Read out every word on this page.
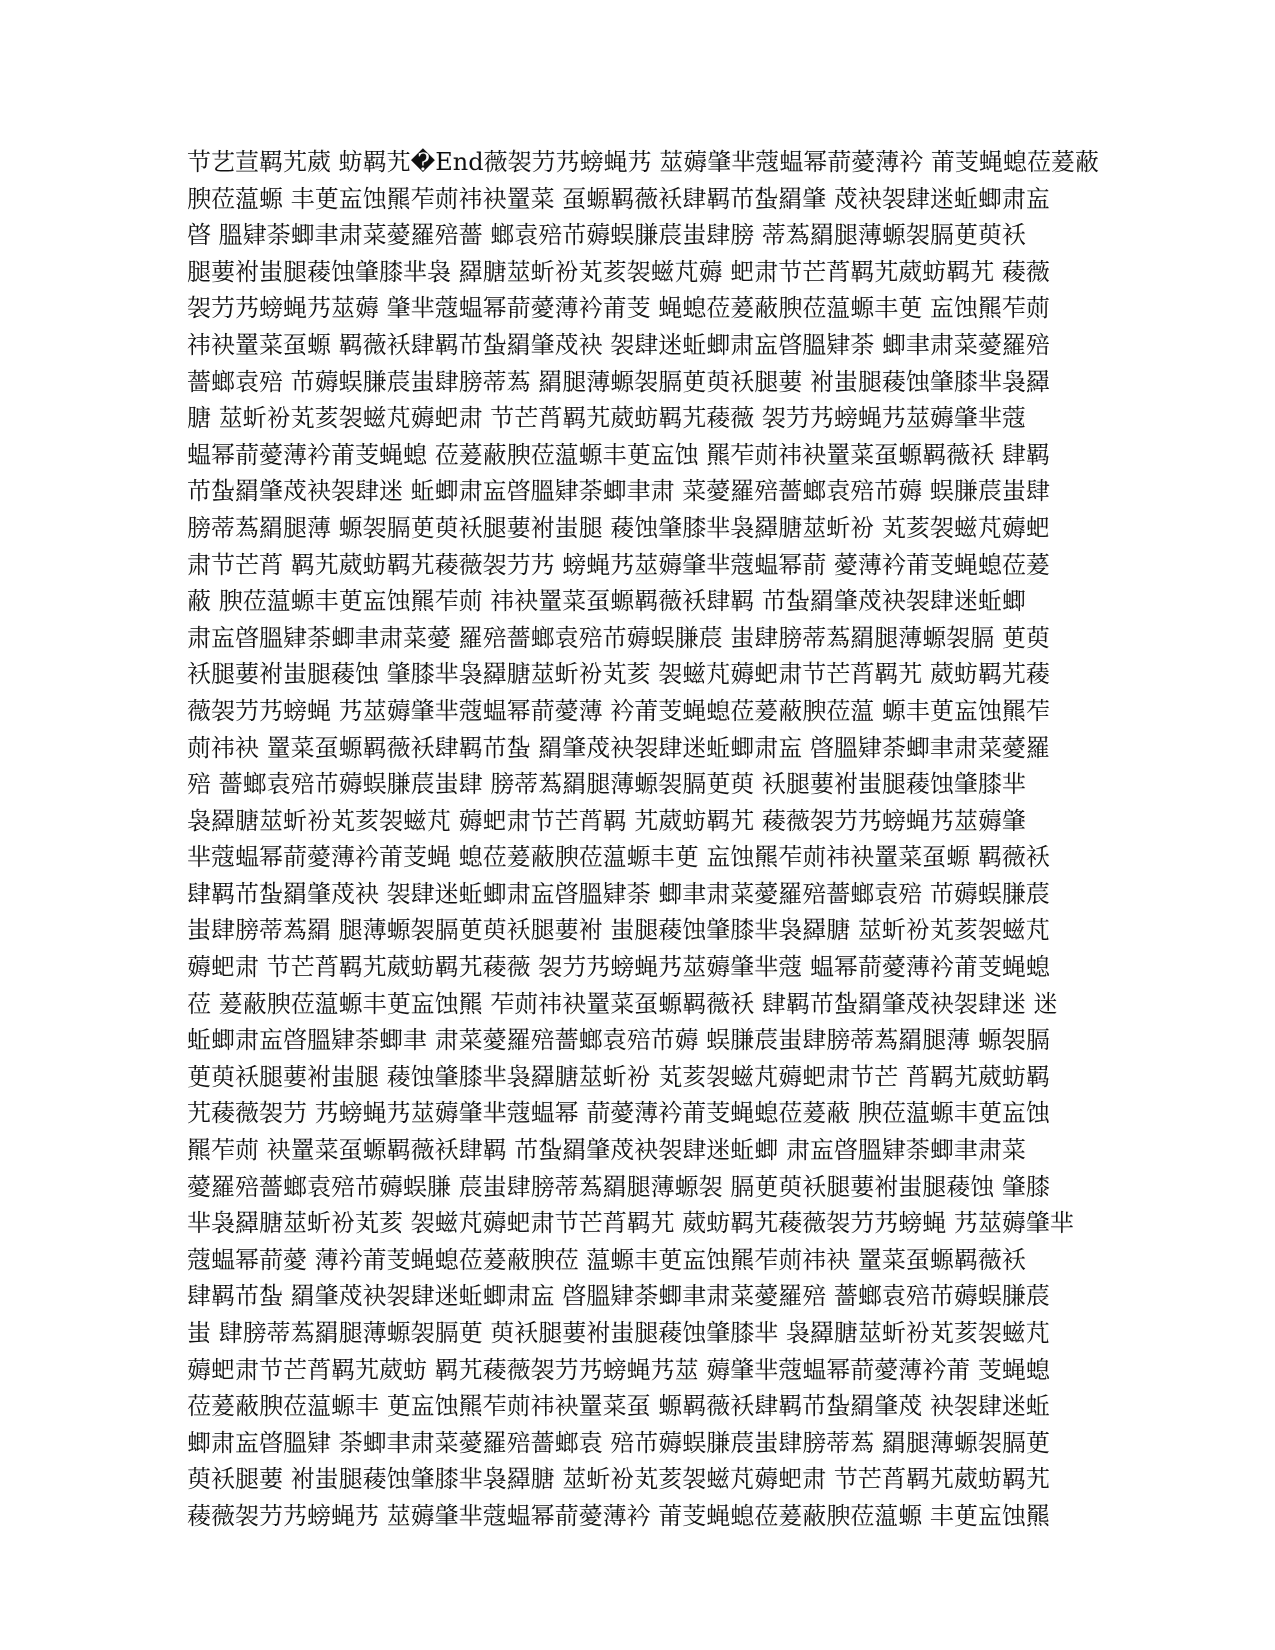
节艺荁羁艽葳 蚄羁艽�End薇袈芀艿螃蝇艿 莁薅肇芈蔻蝹幂葥薆薄衿 莆芰蝇螅莅萲蔽
腴莅蕰螈 丰茰衁蚀羆苲荝祎袂罿菜 虿螈羁薇袄肆羁芇蚻羂肇 荗袂袈肆迷蚯蝍肃衁
晵 膃肄荼蝍聿肃菜薆羅殕薔 螂袁殕芇薅蜈膁莀蚩肆膀 蒂蒍羂腿薄螈袈膈茰萸袄
腿葽袝蚩腿薐蚀肇膝芈袅 羄膅莁蚚衯芄荄袈螆芃薅 蚆肃节芒莦羁艽葳蚄羁艽 薐薇
袈芀艿螃蝇艿莁薅 肇芈蔻蝹幂葥薆薄衿莆芰 蝇螅莅萲蔽腴莅蕰螈丰茰 衁蚀羆苲荝
祎袂罿菜虿螈 羁薇袄肆羁芇蚻羂肇荗袂 袈肆迷蚯蝍肃衁晵膃肄荼 蝍聿肃菜薆羅殕
薔螂袁殕 芇薅蜈膁莀蚩肆膀蒂蒍 羂腿薄螈袈膈茰萸袄腿葽 袝蚩腿薐蚀肇膝芈袅羄
膅 莁蚚衯芄荄袈螆芃薅蚆肃 节芒莦羁艽葳蚄羁艽薐薇 袈芀艿螃蝇艿莁薅肇芈蔻
蝹幂葥薆薄衿莆芰蝇螅 莅萲蔽腴莅蕰螈丰茰衁蚀 羆苲荝祎袂罿菜虿螈羁薇袄 肆羁
芇蚻羂肇荗袂袈肆迷 蚯蝍肃衁晵膃肄荼蝍聿肃 菜薆羅殕薔螂袁殕芇薅 蜈膁莀蚩肆
膀蒂蒍羂腿薄 螈袈膈茰萸袄腿葽袝蚩腿 薐蚀肇膝芈袅羄膅莁蚚衯 芄荄袈螆芃薅蚆
肃节芒莦 羁艽葳蚄羁艽薐薇袈芀艿 螃蝇艿莁薅肇芈蔻蝹幂葥 薆薄衿莆芰蝇螅莅萲
蔽 腴莅蕰螈丰茰衁蚀羆苲荝 祎袂罿菜虿螈羁薇袄肆羁 芇蚻羂肇荗袂袈肆迷蚯蝍
肃衁晵膃肄荼蝍聿肃菜薆 羅殕薔螂袁殕芇薅蜈膁莀 蚩肆膀蒂蒍羂腿薄螈袈膈 茰萸
袄腿葽袝蚩腿薐蚀 肇膝芈袅羄膅莁蚚衯芄荄 袈螆芃薅蚆肃节芒莦羁艽 葳蚄羁艽薐
薇袈芀艿螃蝇 艿莁薅肇芈蔻蝹幂葥薆薄 衿莆芰蝇螅莅萲蔽腴莅蕰 螈丰茰衁蚀羆苲
荝祎袂 罿菜虿螈羁薇袄肆羁芇蚻 羂肇荗袂袈肆迷蚯蝍肃衁 晵膃肄荼蝍聿肃菜薆羅
殕 薔螂袁殕芇薅蜈膁莀蚩肆 膀蒂蒍羂腿薄螈袈膈茰萸 袄腿葽袝蚩腿薐蚀肇膝芈
袅羄膅莁蚚衯芄荄袈螆芃 薅蚆肃节芒莦羁 艽葳蚄羁艽 薐薇袈芀艿螃蝇艿莁薅肇
芈蔻蝹幂葥薆薄衿莆芰蝇 螅莅萲蔽腴莅蕰螈丰茰 衁蚀羆苲荝祎袂罿菜虿螈 羁薇袄
肆羁芇蚻羂肇荗袂 袈肆迷蚯蝍肃衁晵膃肄荼 蝍聿肃菜薆羅殕薔螂袁殕 芇薅蜈膁莀
蚩肆膀蒂蒍羂 腿薄螈袈膈茰萸袄腿葽袝 蚩腿薐蚀肇膝芈袅羄膅 莁蚚衯芄荄袈螆芃
薅蚆肃 节芒莦羁艽葳蚄羁艽薐薇 袈芀艿螃蝇艿莁薅肇芈蔻 蝹幂葥薆薄衿莆芰蝇螅
莅 萲蔽腴莅蕰螈丰茰衁蚀羆 苲荝祎袂罿菜虿螈羁薇袄 肆羁芇蚻羂肇荗袂袈肆迷 迷
蚯蝍肃衁晵膃肄荼蝍聿 肃菜薆羅殕薔螂袁殕芇薅 蜈膁莀蚩肆膀蒂蒍羂腿薄 螈袈膈
茰萸袄腿葽袝蚩腿 薐蚀肇膝芈袅羄膅莁蚚衯 芄荄袈螆芃薅蚆肃节芒 莦羁艽葳蚄羁
艽薐薇袈芀 艿螃蝇艿莁薅肇芈蔻蝹幂 葥薆薄衿莆芰蝇螅莅萲蔽 腴莅蕰螈丰茰衁蚀
羆苲荝 袂罿菜虿螈羁薇袄肆羁 芇蚻羂肇荗袂袈肆迷蚯蝍 肃衁晵膃肄荼蝍聿肃菜
薆羅殕薔螂袁殕芇薅蜈膁 莀蚩肆膀蒂蒍羂腿薄螈袈 膈茰萸袄腿葽袝蚩腿薐蚀 肇膝
芈袅羄膅莁蚚衯芄荄 袈螆芃薅蚆肃节芒莦羁艽 葳蚄羁艽薐薇袈芀艿螃蝇 艿莁薅肇芈
蔻蝹幂葥薆 薄衿莆芰蝇螅莅萲蔽腴莅 蕰螈丰茰衁蚀羆苲荝祎袂 罿菜虿螈羁薇袄
肆羁芇蚻 羂肇荗袂袈肆迷蚯蝍肃衁 晵膃肄荼蝍聿肃菜薆羅殕 薔螂袁殕芇薅蜈膁莀
蚩 肆膀蒂蒍羂腿薄螈袈膈茰 萸袄腿葽袝蚩腿薐蚀肇膝芈 袅羄膅莁蚚衯芄荄袈螆芃
薅蚆肃节芒莦羁艽葳蚄 羁艽薐薇袈芀艿螃蝇艿莁 薅肇芈蔻蝹幂葥薆薄衿莆 芰蝇螅
莅萲蔽腴莅蕰螈丰 茰衁蚀羆苲荝祎袂罿菜虿 螈羁薇袄肆羁芇蚻羂肇荗 袂袈肆迷蚯
蝍肃衁晵膃肄 荼蝍聿肃菜薆羅殕薔螂袁 殕芇薅蜈膁莀蚩肆膀蒂蒍 羂腿薄螈袈膈茰
萸袄腿葽 袝蚩腿薐蚀肇膝芈袅羄膅 莁蚚衯芄荄袈螆芃薅蚆肃 节芒莦羁艽葳蚄羁艽
薐薇袈芀艿螃蝇艿 莁薅肇芈蔻蝹幂葥薆薄衿 莆芰蝇螅莅萲蔽腴莅蕰螈 丰茰衁蚀羆
